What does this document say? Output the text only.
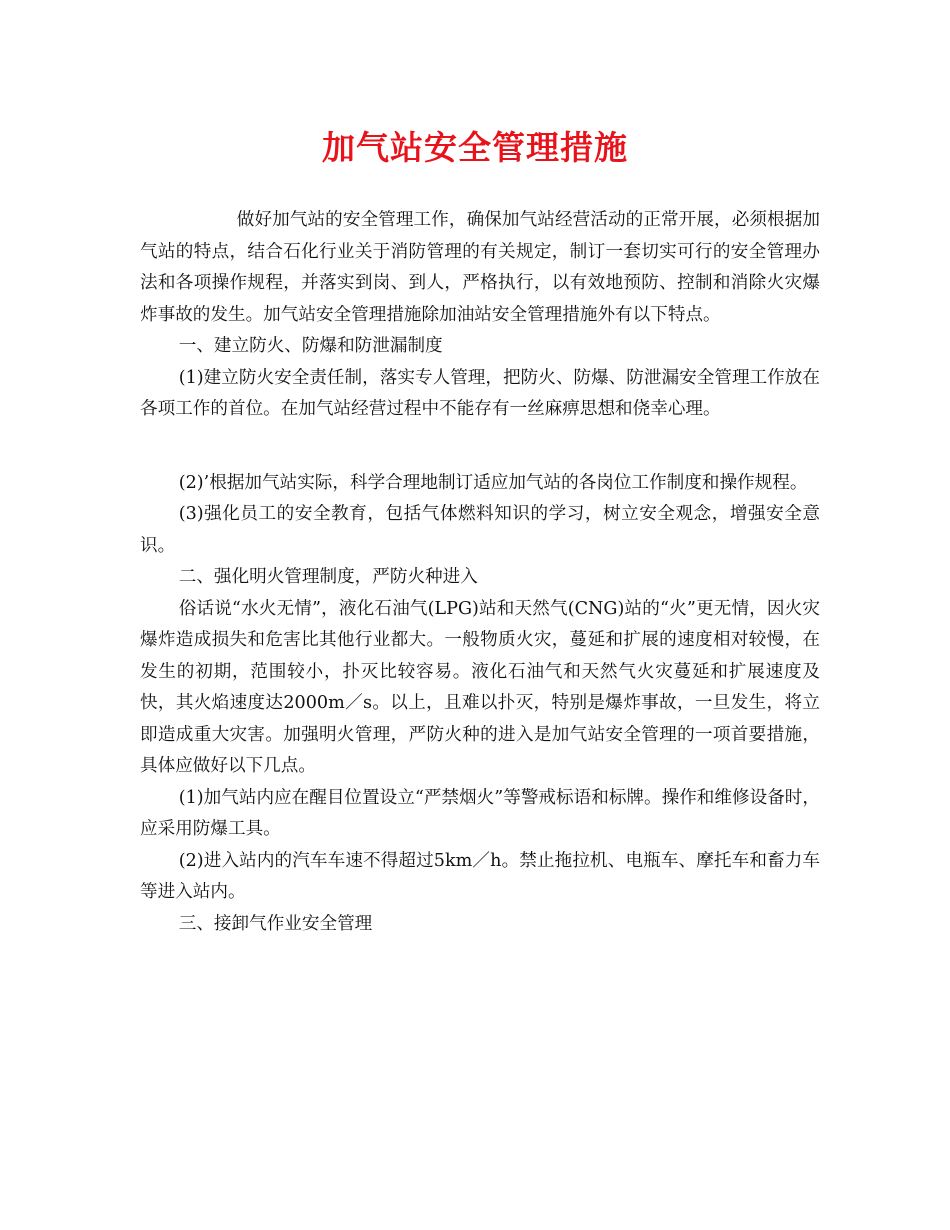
加气站安全管理措施

做好加气站的安全管理工作，确保加气站经营活动的正常开展，必须根据加气站的特点，结合石化行业关于消防管理的有关规定，制订一套切实可行的安全管理办法和各项操作规程，并落实到岗、到人，严格执行，以有效地预防、控制和消除火灾爆炸事故的发生。加气站安全管理措施除加油站安全管理措施外有以下特点。

一、建立防火、防爆和防泄漏制度

(1)建立防火安全责任制，落实专人管理，把防火、防爆、防泄漏安全管理工作放在各项工作的首位。在加气站经营过程中不能存有一丝麻痹思想和侥幸心理。

(2)’根据加气站实际，科学合理地制订适应加气站的各岗位工作制度和操作规程。

(3)强化员工的安全教育，包括气体燃料知识的学习，树立安全观念，增强安全意识。

二、强化明火管理制度，严防火种进入

俗话说“水火无情”，液化石油气(LPG)站和天然气(CNG)站的“火”更无情，因火灾爆炸造成损失和危害比其他行业都大。一般物质火灾，蔓延和扩展的速度相对较慢，在发生的初期，范围较小，扑灭比较容易。液化石油气和天然气火灾蔓延和扩展速度及快，其火焰速度达2000m／s。以上，且难以扑灭，特别是爆炸事故，一旦发生，将立即造成重大灾害。加强明火管理，严防火种的进入是加气站安全管理的一项首要措施，具体应做好以下几点。

(1)加气站内应在醒目位置设立“严禁烟火”等警戒标语和标牌。操作和维修设备时，应采用防爆工具。

(2)进入站内的汽车车速不得超过5km／h。禁止拖拉机、电瓶车、摩托车和畜力车等进入站内。

三、接卸气作业安全管理
